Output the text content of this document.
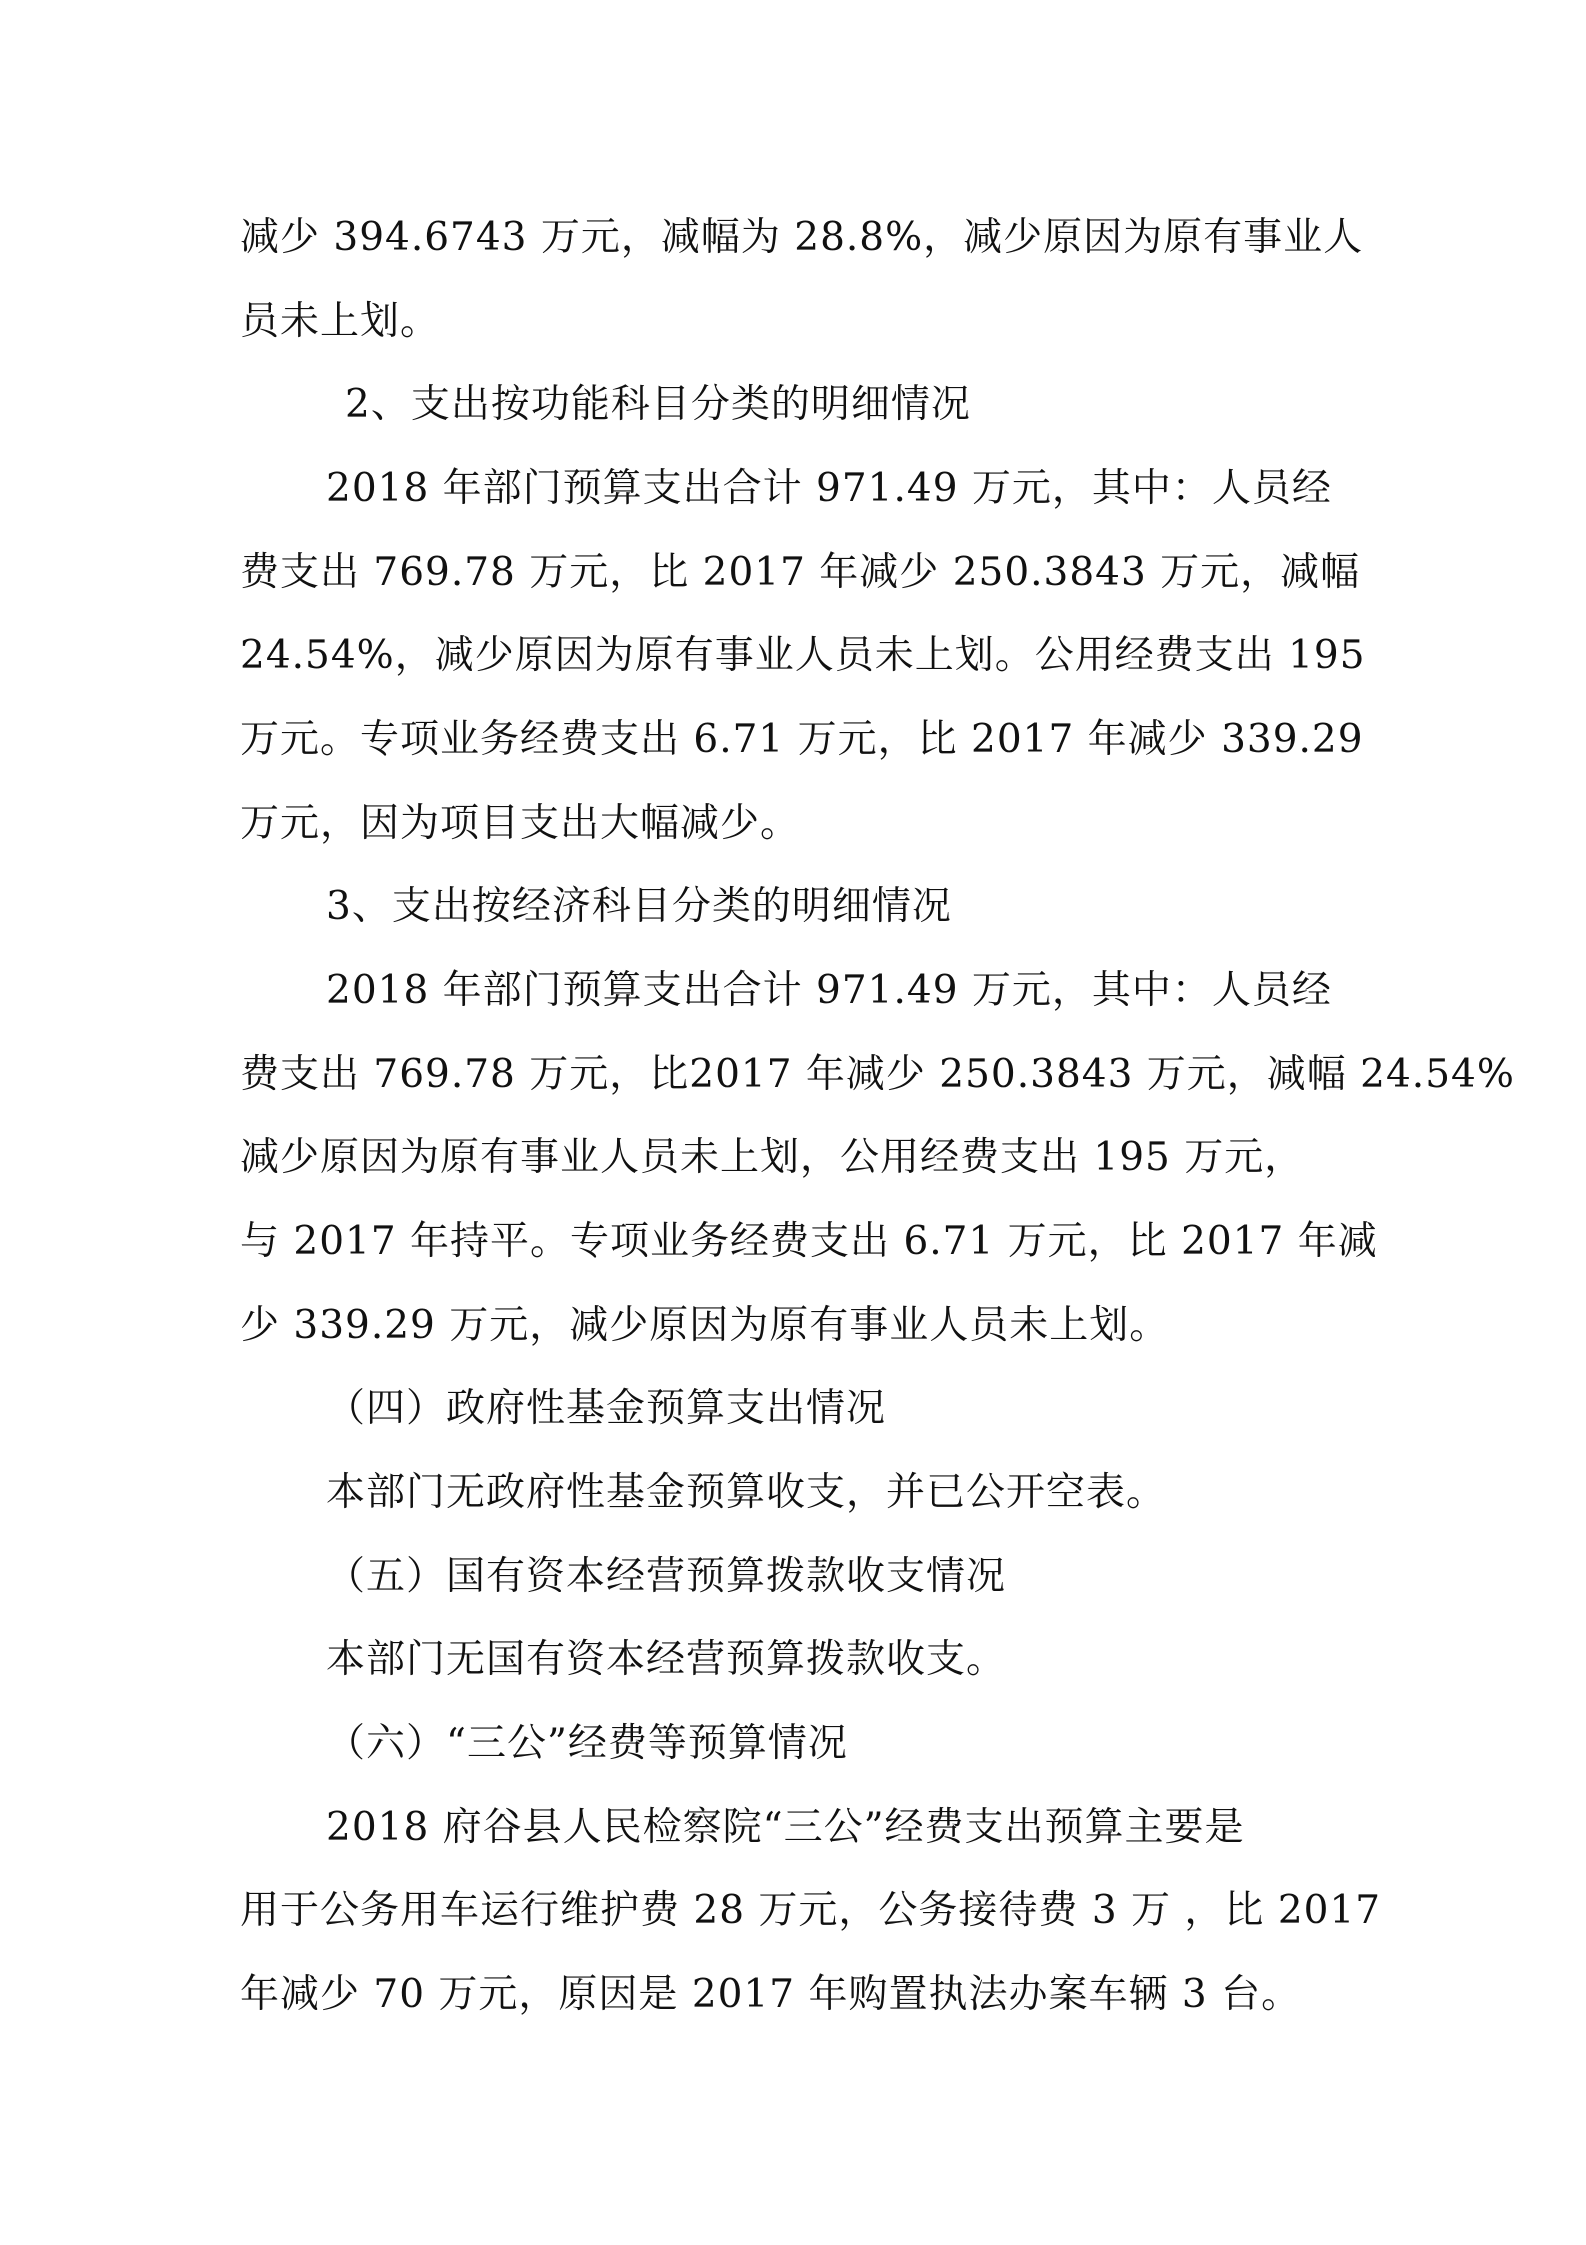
减少 394.6743 万元，减幅为 28.8%，减少原因为原有事业人
员未上划。
2、支出按功能科目分类的明细情况
2018 年部门预算支出合计 971.49 万元，其中：人员经
费支出 769.78 万元，比 2017 年减少 250.3843 万元，减幅
24.54%，减少原因为原有事业人员未上划。公用经费支出 195
万元。专项业务经费支出 6.71 万元，比 2017 年减少 339.29
万元，因为项目支出大幅减少。
3、支出按经济科目分类的明细情况
2018 年部门预算支出合计 971.49 万元，其中：人员经
费支出 769.78 万元，比2017 年减少 250.3843 万元，减幅 24.54%
减少原因为原有事业人员未上划，公用经费支出 195 万元，
与 2017 年持平。专项业务经费支出 6.71 万元，比 2017 年减
少 339.29 万元，减少原因为原有事业人员未上划。
（四）政府性基金预算支出情况
本部门无政府性基金预算收支，并已公开空表。
（五）国有资本经营预算拨款收支情况
本部门无国有资本经营预算拨款收支。
（六）“三公”经费等预算情况
2018 府谷县人民检察院“三公”经费支出预算主要是
用于公务用车运行维护费 28 万元，公务接待费 3 万 ，比 2017
年减少 70 万元，原因是 2017 年购置执法办案车辆 3 台。
